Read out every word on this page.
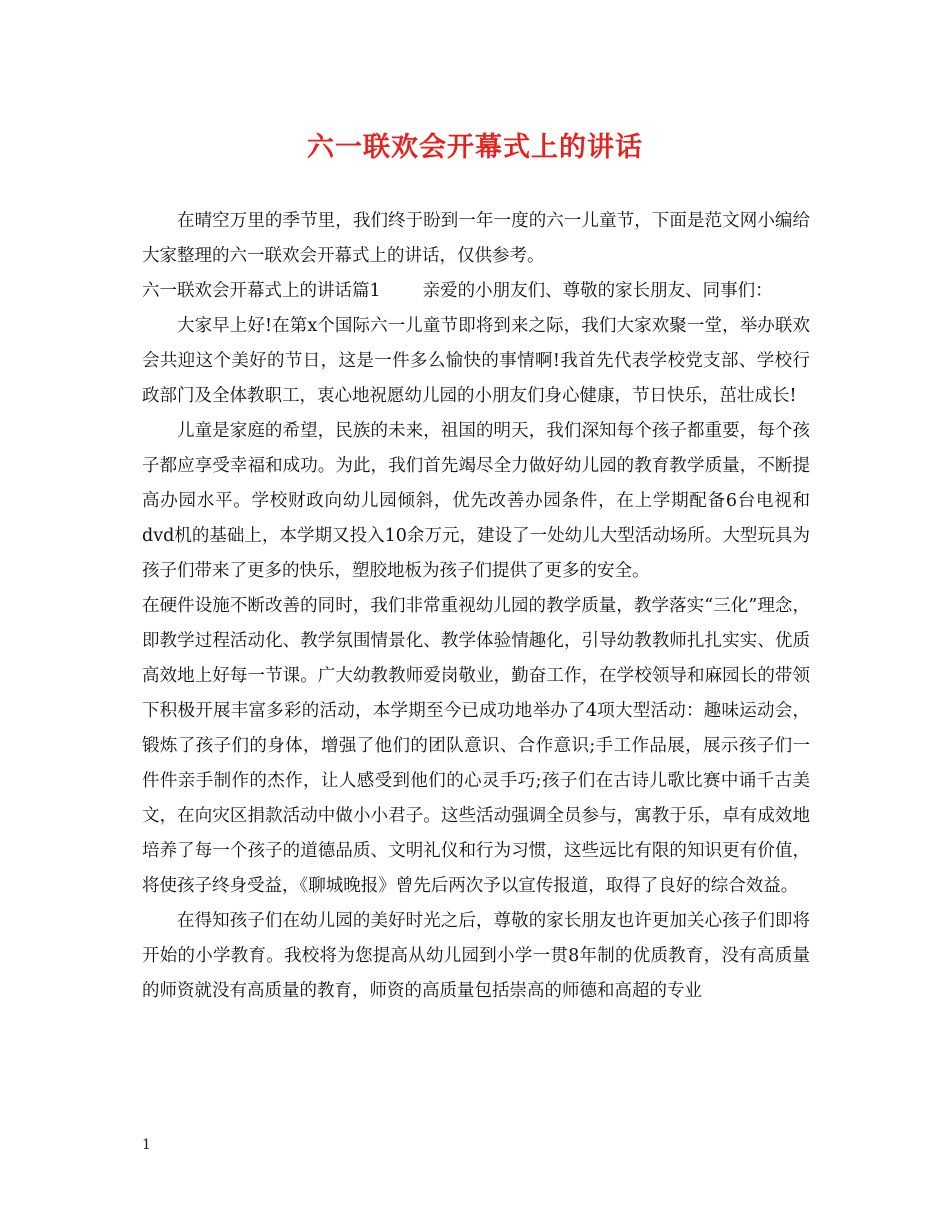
六一联欢会开幕式上的讲话

在晴空万里的季节里，我们终于盼到一年一度的六一儿童节，下面是范文网小编给大家整理的六一联欢会开幕式上的讲话，仅供参考。

六一联欢会开幕式上的讲话篇1 亲爱的小朋友们、尊敬的家长朋友、同事们：

大家早上好!在第x个国际六一儿童节即将到来之际，我们大家欢聚一堂，举办联欢会共迎这个美好的节日，这是一件多么愉快的事情啊!我首先代表学校党支部、学校行政部门及全体教职工，衷心地祝愿幼儿园的小朋友们身心健康，节日快乐，茁壮成长!

儿童是家庭的希望，民族的未来，祖国的明天，我们深知每个孩子都重要，每个孩子都应享受幸福和成功。为此，我们首先竭尽全力做好幼儿园的教育教学质量，不断提高办园水平。学校财政向幼儿园倾斜，优先改善办园条件，在上学期配备6台电视和dvd机的基础上，本学期又投入10余万元，建设了一处幼儿大型活动场所。大型玩具为孩子们带来了更多的快乐，塑胶地板为孩子们提供了更多的安全。

在硬件设施不断改善的同时，我们非常重视幼儿园的教学质量，教学落实“三化”理念，即教学过程活动化、教学氛围情景化、教学体验情趣化，引导幼教教师扎扎实实、优质高效地上好每一节课。广大幼教教师爱岗敬业，勤奋工作，在学校领导和麻园长的带领下积极开展丰富多彩的活动，本学期至今已成功地举办了4项大型活动：趣味运动会，锻炼了孩子们的身体，增强了他们的团队意识、合作意识;手工作品展，展示孩子们一件件亲手制作的杰作，让人感受到他们的心灵手巧;孩子们在古诗儿歌比赛中诵千古美文，在向灾区捐款活动中做小小君子。这些活动强调全员参与，寓教于乐，卓有成效地培养了每一个孩子的道德品质、文明礼仪和行为习惯，这些远比有限的知识更有价值，将使孩子终身受益，《聊城晚报》曾先后两次予以宣传报道，取得了良好的综合效益。

在得知孩子们在幼儿园的美好时光之后，尊敬的家长朋友也许更加关心孩子们即将开始的小学教育。我校将为您提高从幼儿园到小学一贯8年制的优质教育，没有高质量的师资就没有高质量的教育，师资的高质量包括崇高的师德和高超的专业

1
